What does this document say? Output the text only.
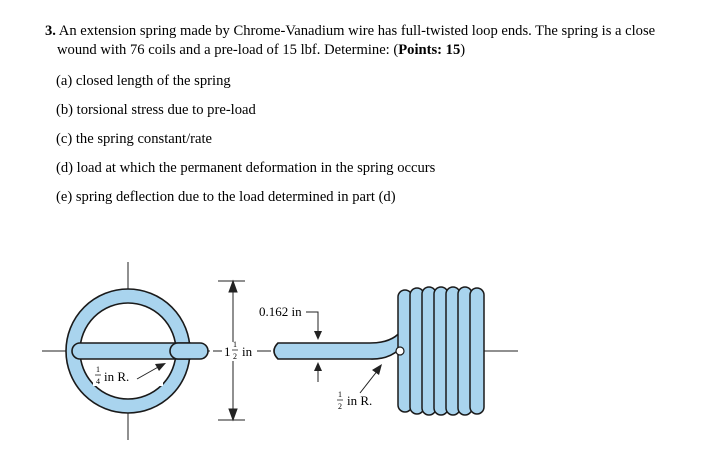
3. An extension spring made by Chrome-Vanadium wire has full-twisted loop ends. The spring is a close

wound with 76 coils and a pre-load of 15 lbf. Determine: (Points: 15)

(a) closed length of the spring

(b) torsional stress due to pre-load

(c) the spring constant/rate

(d) load at which the permanent deformation in the spring occurs

(e) spring deflection due to the load determined in part (d)

1 1
2 in
0.162 in
1
4 in R.
1
2 in R.
